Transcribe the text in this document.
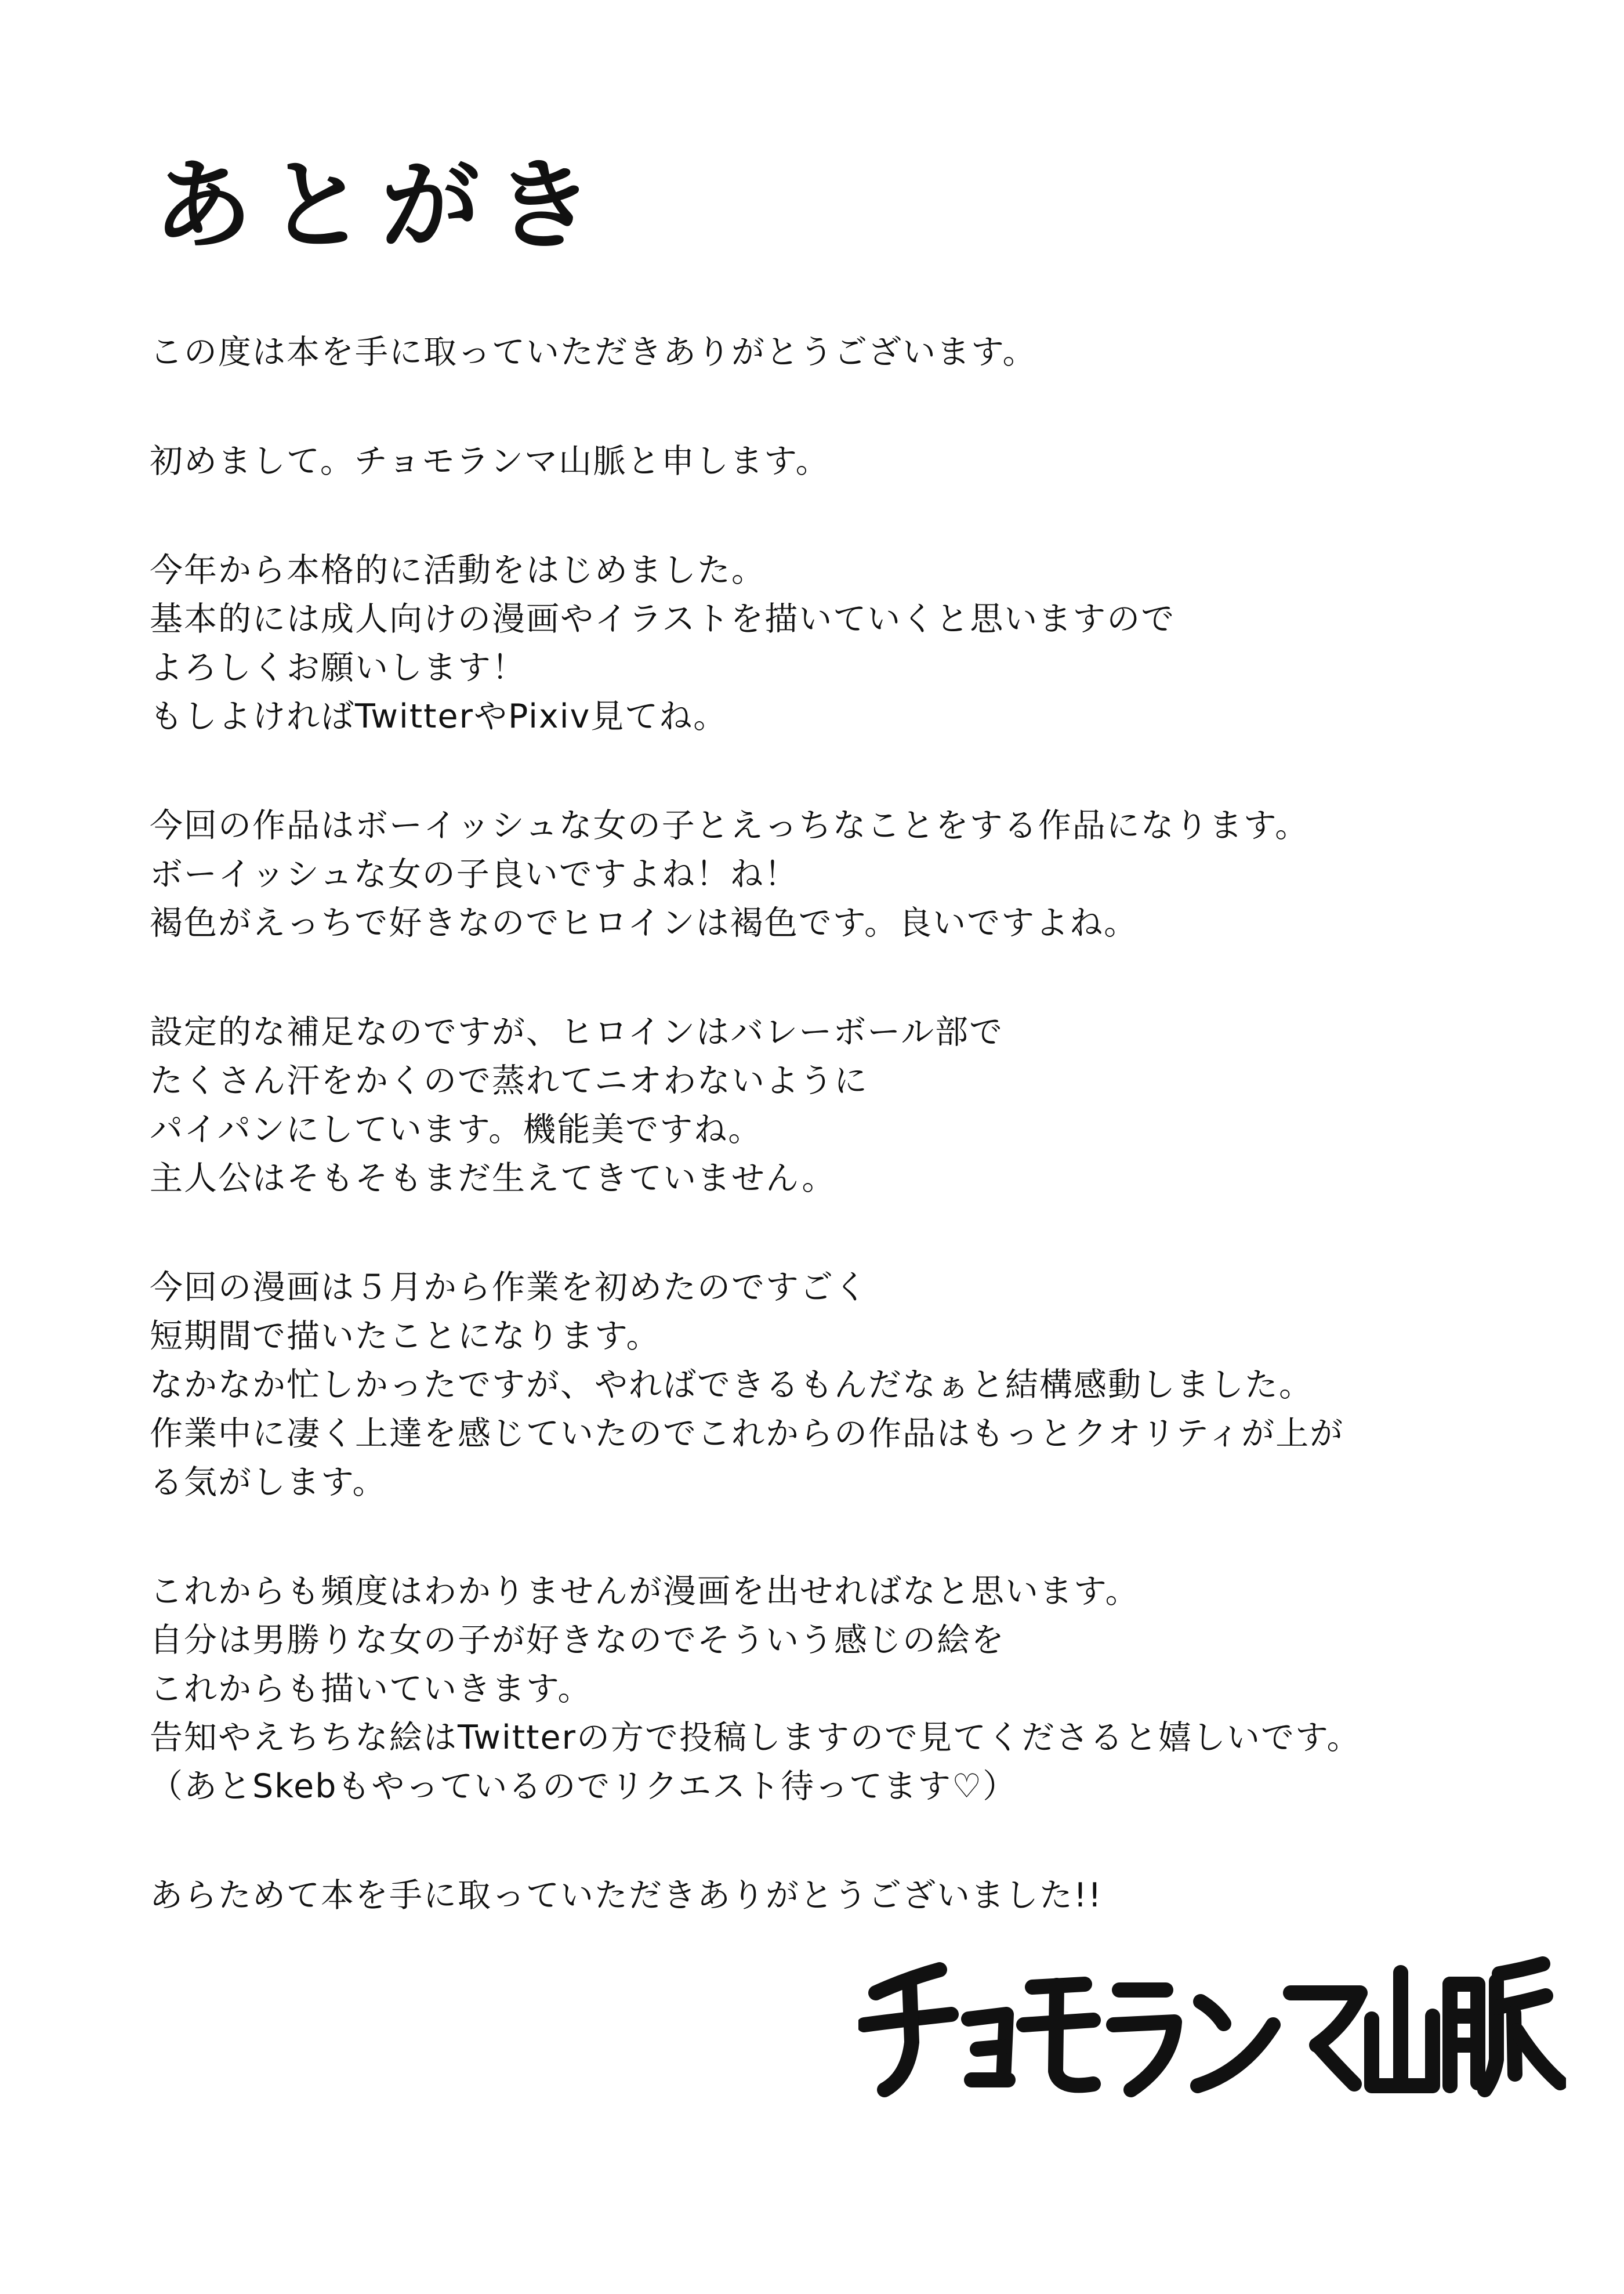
あとがき
この度は本を手に取っていただきありがとうございます。
初めまして。チョモランマ山脈と申します。
今年から本格的に活動をはじめました。
基本的には成人向けの漫画やイラストを描いていくと思いますので
よろしくお願いします！
もしよければTwitterやPixiv見てね。
今回の作品はボーイッシュな女の子とえっちなことをする作品になります。
ボーイッシュな女の子良いですよね！ね！
褐色がえっちで好きなのでヒロインは褐色です。良いですよね。
設定的な補足なのですが、ヒロインはバレーボール部で
たくさん汗をかくので蒸れてニオわないように
パイパンにしています。機能美ですね。
主人公はそもそもまだ生えてきていません。
今回の漫画は５月から作業を初めたのですごく
短期間で描いたことになります。
なかなか忙しかったですが、やればできるもんだなぁと結構感動しました。
作業中に凄く上達を感じていたのでこれからの作品はもっとクオリティが上が
る気がします。
これからも頻度はわかりませんが漫画を出せればなと思います。
自分は男勝りな女の子が好きなのでそういう感じの絵を
これからも描いていきます。
告知やえちちな絵はTwitterの方で投稿しますので見てくださると嬉しいです。
（あとSkebもやっているのでリクエスト待ってます♡）
あらためて本を手に取っていただきありがとうございました!!
